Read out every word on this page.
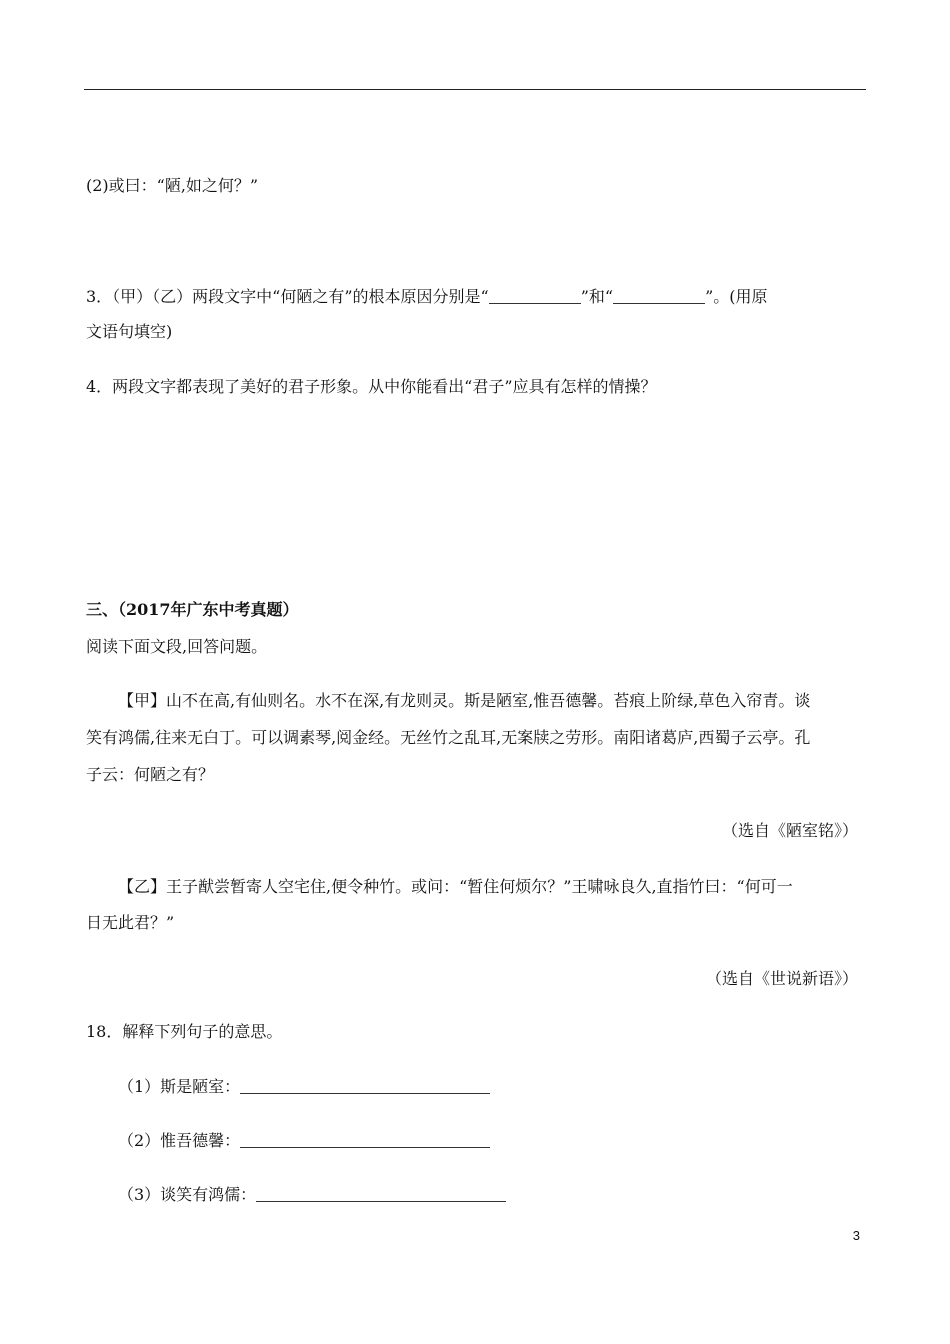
(2)或曰：“陋,如之何？”
3．（甲）（乙）两段文字中“何陋之有”的根本原因分别是“	”和“	”。(用原
文语句填空)
4．两段文字都表现了美好的君子形象。从中你能看出“君子”应具有怎样的情操？
三、（2017年广东中考真题）
阅读下面文段,回答问题。
【甲】山不在高,有仙则名。水不在深,有龙则灵。斯是陋室,惟吾德馨。苔痕上阶绿,草色入帘青。谈
笑有鸿儒,往来无白丁。可以调素琴,阅金经。无丝竹之乱耳,无案牍之劳形。南阳诸葛庐,西蜀子云亭。孔
子云：何陋之有？
（选自《陋室铭》）
【乙】王子猷尝暂寄人空宅住,便令种竹。或问：“暂住何烦尔？”王啸咏良久,直指竹曰：“何可一
日无此君？”
（选自《世说新语》）
18．解释下列句子的意思。
（1）斯是陋室：
（2）惟吾德馨：
（3）谈笑有鸿儒：
3
